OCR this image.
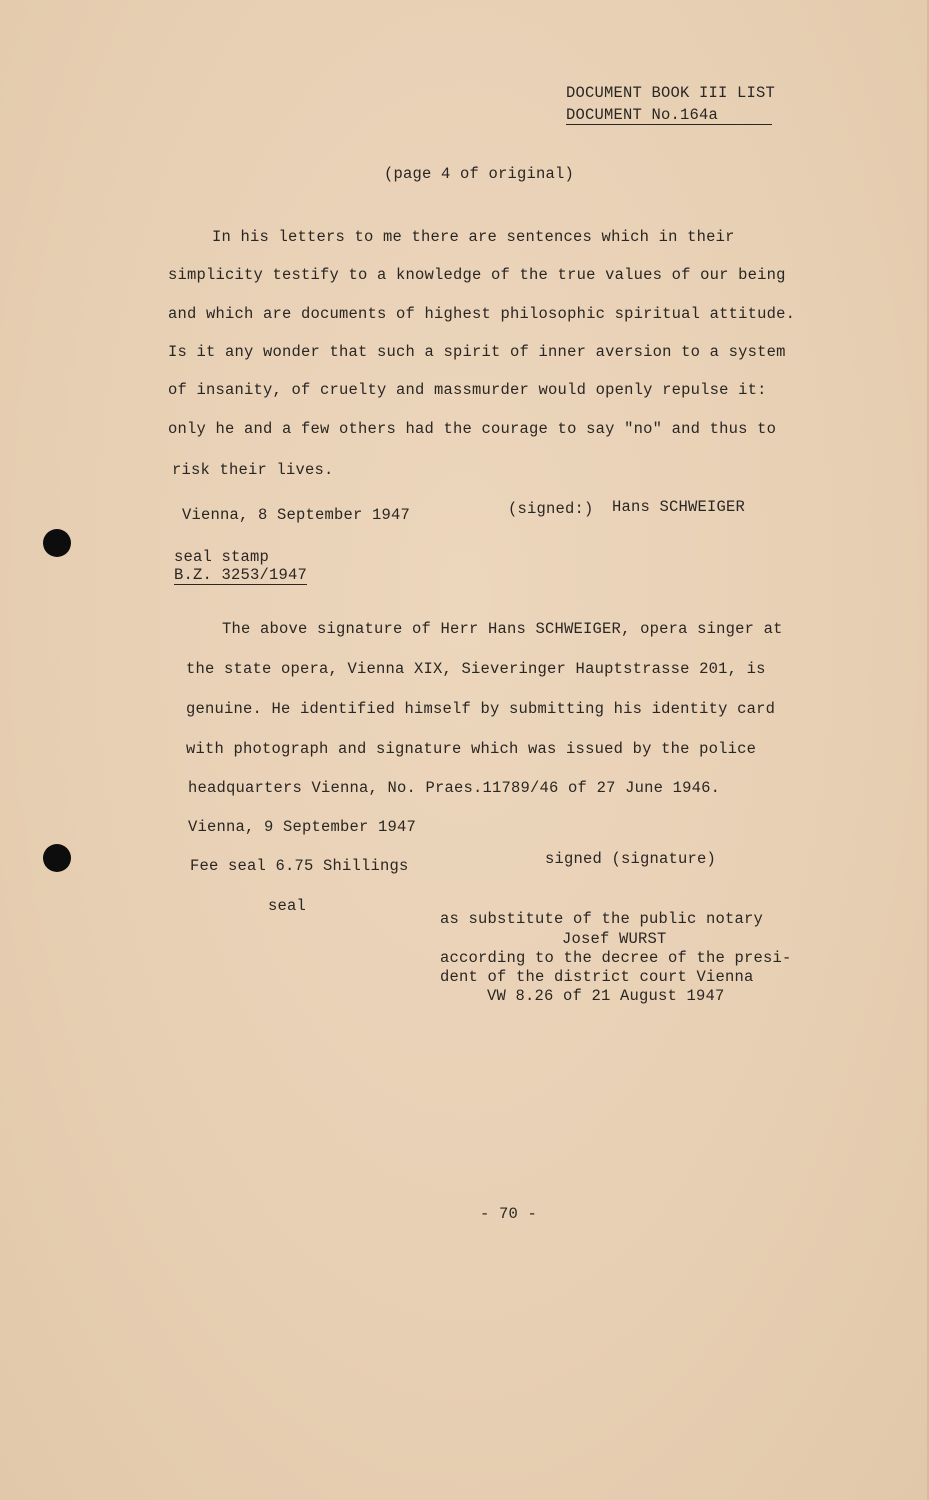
DOCUMENT BOOK III LIST
DOCUMENT No.164a
(page 4 of original)
In his letters to me there are sentences which in their
simplicity testify to a knowledge of the true values of our being
and which are documents of highest philosophic spiritual attitude.
Is it any wonder that such a spirit of inner aversion to a system
of insanity, of cruelty and massmurder would openly repulse it:
only he and a few others had the courage to say "no" and thus to
risk their lives.
Vienna, 8 September 1947	(signed:) Hans SCHWEIGER
seal stamp
B.Z. 3253/1947
The above signature of Herr Hans SCHWEIGER, opera singer at
the state opera, Vienna XIX, Sieveringer Hauptstrasse 201, is
genuine. He identified himself by submitting his identity card
with photograph and signature which was issued by the police
headquarters Vienna, No. Praes.11789/46 of 27 June 1946.
Vienna, 9 September 1947
Fee seal 6.75 Shillings	signed (signature)
seal
as substitute of the public notary
Josef WURST
according to the decree of the presi-
dent of the district court Vienna
VW 8.26 of 21 August 1947
- 70 -
